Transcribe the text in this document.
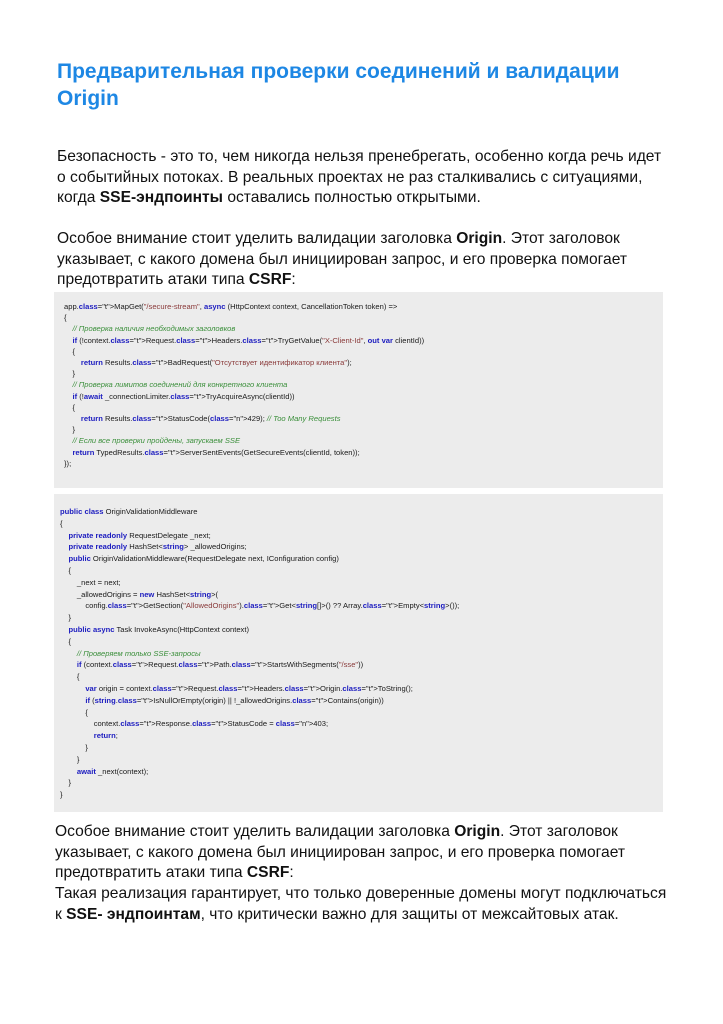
Предварительная проверки соединений и валидации Origin

Безопасность - это то, чем никогда нельзя пренебрегать, особенно когда речь идет о событийных потоках. В реальных проектах не раз сталкивались с ситуациями, когда SSE-эндпоинты оставались полностью открытыми.

Особое внимание стоит уделить валидации заголовка Origin. Этот заголовок указывает, с какого домена был инициирован запрос, и его проверка помогает предотвратить атаки типа CSRF:

app.class="t">MapGet("/secure-stream", async (HttpContext context, CancellationToken token) =>
{
// Проверка наличия необходимых заголовков
if (!context.class="t">Request.class="t">Headers.class="t">TryGetValue("X-Client-Id", out var clientId))
{
return Results.class="t">BadRequest("Отсутствует идентификатор клиента");
}
// Проверка лимитов соединений для конкретного клиента
if (!await _connectionLimiter.class="t">TryAcquireAsync(clientId))
{
return Results.class="t">StatusCode(class="n">429); // Too Many Requests
}
// Если все проверки пройдены, запускаем SSE
return TypedResults.class="t">ServerSentEvents(GetSecureEvents(clientId, token));
});
public class OriginValidationMiddleware
{
private readonly RequestDelegate _next;
private readonly HashSet<string> _allowedOrigins;
public OriginValidationMiddleware(RequestDelegate next, IConfiguration config)
{
_next = next;
_allowedOrigins = new HashSet<string>(
config.class="t">GetSection("AllowedOrigins").class="t">Get<string[]>() ?? Array.class="t">Empty<string>());
}
public async Task InvokeAsync(HttpContext context)
{
// Проверяем только SSE-запросы
if (context.class="t">Request.class="t">Path.class="t">StartsWithSegments("/sse"))
{
var origin = context.class="t">Request.class="t">Headers.class="t">Origin.class="t">ToString();
if (string.class="t">IsNullOrEmpty(origin) || !_allowedOrigins.class="t">Contains(origin))
{
context.class="t">Response.class="t">StatusCode = class="n">403;
return;
}
}
await _next(context);
}
}

Особое внимание стоит уделить валидации заголовка Origin. Этот заголовок указывает, с какого домена был инициирован запрос, и его проверка помогает предотвратить атаки типа CSRF:

Такая реализация гарантирует, что только доверенные домены могут подключаться к SSE- эндпоинтам, что критически важно для защиты от межсайтовых атак.
